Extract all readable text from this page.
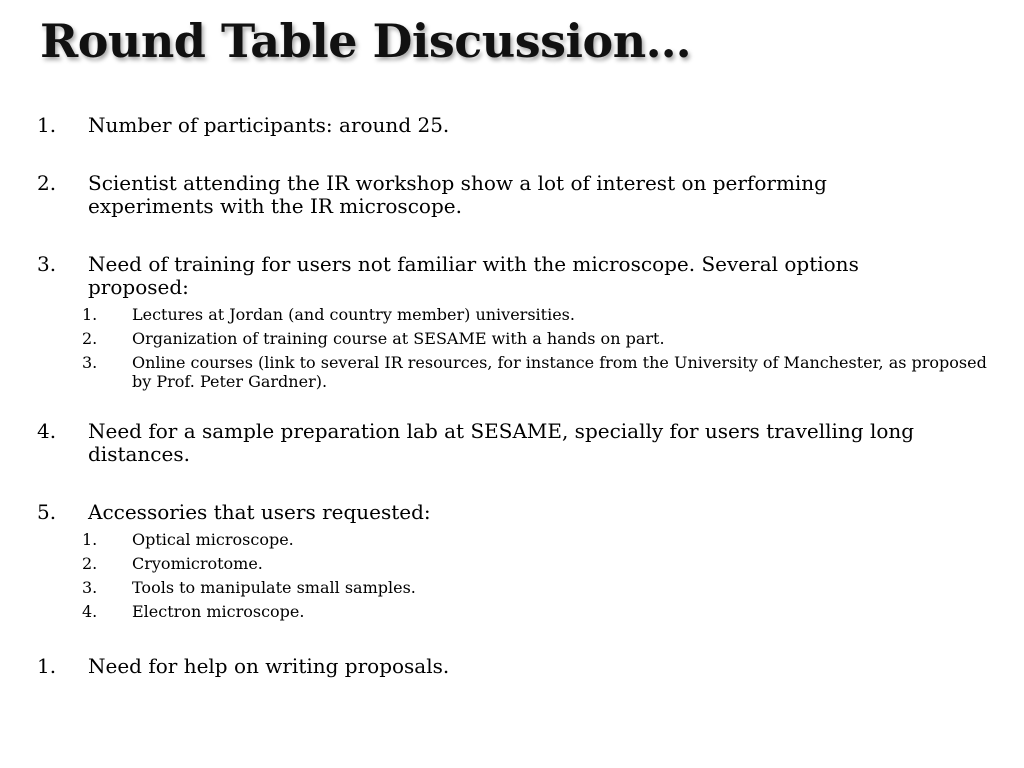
Round Table Discussion…
1. Number of participants: around 25.
2. Scientist attending the IR workshop show a lot of interest on performing experiments with the IR microscope.
3. Need of training for users not familiar with the microscope. Several options proposed:
1. Lectures at Jordan (and country member) universities.
2. Organization of training course at SESAME with a hands on part.
3. Online courses (link to several IR resources, for instance from the University of Manchester, as proposed by Prof. Peter Gardner).
4. Need for a sample preparation lab at SESAME, specially for users travelling long distances.
5. Accessories that users requested:
1. Optical microscope.
2. Cryomicrotome.
3. Tools to manipulate small samples.
4. Electron microscope.
1. Need for help on writing proposals.
